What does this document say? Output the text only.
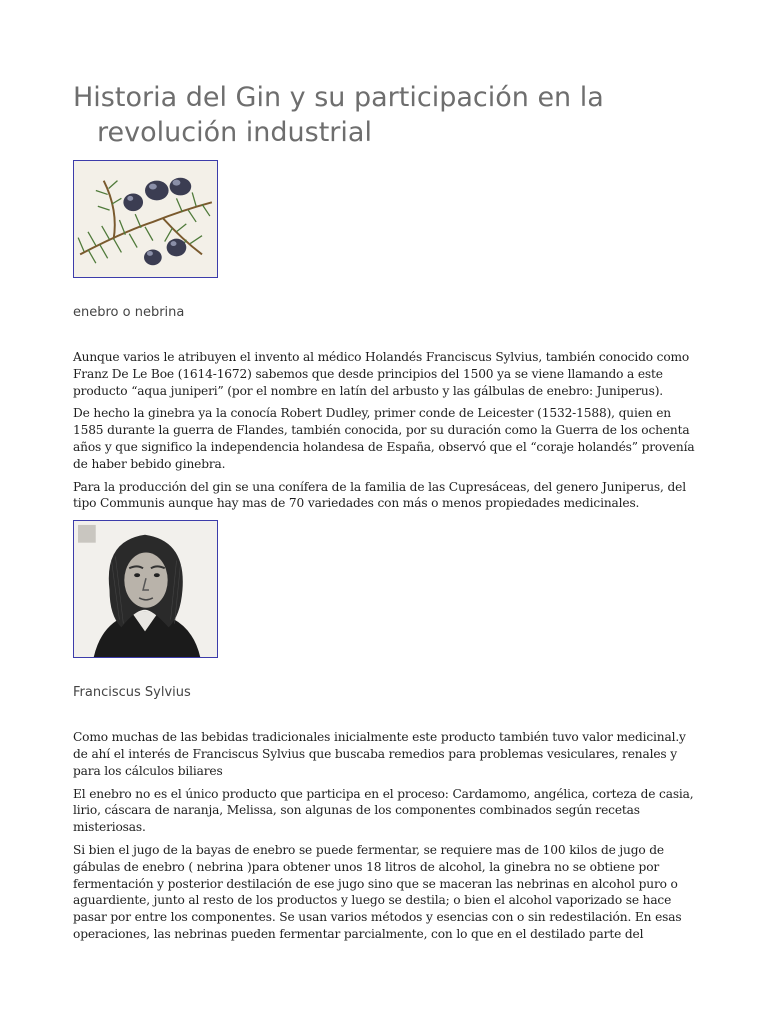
Historia del Gin y su participación en la revolución industrial

enebro o nebrina

Aunque varios le atribuyen el invento al médico Holandés Franciscus Sylvius, también conocido como Franz De Le Boe (1614-1672) sabemos que desde principios del 1500 ya se viene llamando a este producto “aqua juniperi” (por el nombre en latín del arbusto y las gálbulas de enebro: Juniperus).

De hecho la ginebra ya la conocía Robert Dudley, primer conde de Leicester (1532-1588), quien en 1585 durante la guerra de Flandes, también conocida, por su duración como la Guerra de los ochenta años y que significo la independencia holandesa de España, observó que el “coraje holandés” provenía de haber bebido ginebra.

Para la producción del gin se una conífera de la familia de las Cupresáceas, del genero Juniperus, del tipo Communis aunque hay mas de 70 variedades con más o menos propiedades medicinales.

Franciscus Sylvius

Como muchas de las bebidas tradicionales inicialmente este producto también tuvo valor medicinal.y de ahí el interés de Franciscus Sylvius que buscaba remedios para problemas vesiculares, renales y para los cálculos biliares

El enebro no es el único producto que participa en el proceso: Cardamomo, angélica, corteza de casia, lirio, cáscara de naranja, Melissa, son algunas de los componentes combinados según recetas misteriosas.

Si bien el jugo de la bayas de enebro se puede fermentar, se requiere mas de 100 kilos de jugo de gábulas de enebro ( nebrina )para obtener unos 18 litros de alcohol, la ginebra no se obtiene por fermentación y posterior destilación de ese jugo sino que se maceran las nebrinas en alcohol puro o aguardiente, junto al resto de los productos y luego se destila; o bien el alcohol vaporizado se hace pasar por entre los componentes. Se usan varios métodos y esencias con o sin redestilación. En esas operaciones, las nebrinas pueden fermentar parcialmente, con lo que en el destilado parte del
